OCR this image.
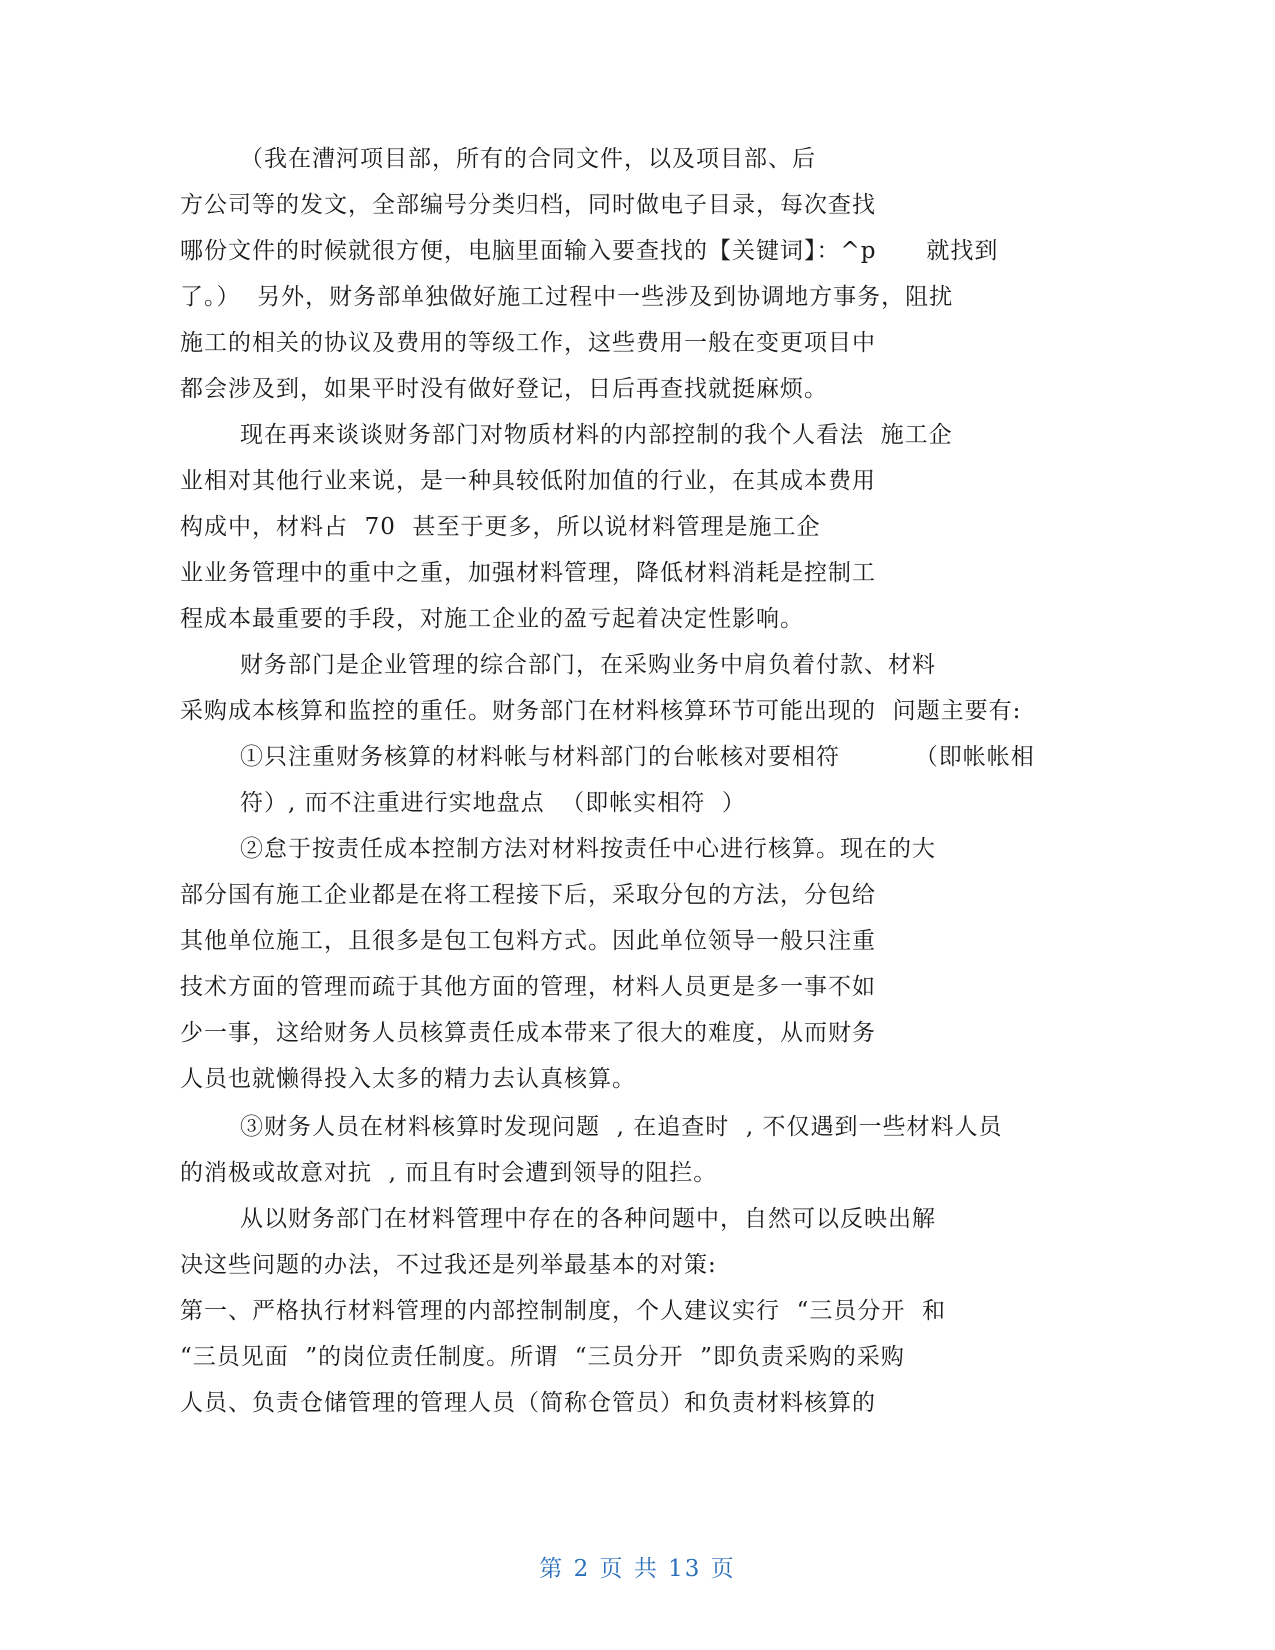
（我在漕河项目部，所有的合同文件，以及项目部、后
方公司等的发文，全部编号分类归档，同时做电子目录，每次查找
哪份文件的时候就很方便，电脑里面输入要查找的【关键词】：^p      就找到
了。）  另外，财务部单独做好施工过程中一些涉及到协调地方事务，阻扰
施工的相关的协议及费用的等级工作，这些费用一般在变更项目中
都会涉及到，如果平时没有做好登记，日后再查找就挺麻烦。
现在再来谈谈财务部门对物质材料的内部控制的我个人看法  施工企
业相对其他行业来说，是一种具较低附加值的行业，在其成本费用
构成中，材料占  70  甚至于更多，所以说材料管理是施工企
业业务管理中的重中之重，加强材料管理，降低材料消耗是控制工
程成本最重要的手段，对施工企业的盈亏起着决定性影响。
财务部门是企业管理的综合部门，在采购业务中肩负着付款、材料
采购成本核算和监控的重任。财务部门在材料核算环节可能出现的  问题主要有:
①只注重财务核算的材料帐与材料部门的台帐核对要相符         （即帐帐相
符）, 而不注重进行实地盘点  （即帐实相符  ）
②怠于按责任成本控制方法对材料按责任中心进行核算。现在的大
部分国有施工企业都是在将工程接下后，采取分包的方法，分包给
其他单位施工，且很多是包工包料方式。因此单位领导一般只注重
技术方面的管理而疏于其他方面的管理，材料人员更是多一事不如
少一事，这给财务人员核算责任成本带来了很大的难度，从而财务
人员也就懒得投入太多的精力去认真核算。
③财务人员在材料核算时发现问题  , 在追查时  , 不仅遇到一些材料人员
的消极或故意对抗  , 而且有时会遭到领导的阻拦。
从以财务部门在材料管理中存在的各种问题中，自然可以反映出解
决这些问题的办法，不过我还是列举最基本的对策:
第一、严格执行材料管理的内部控制制度，个人建议实行  “三员分开  和
“三员见面  ”的岗位责任制度。所谓  “三员分开  ”即负责采购的采购
人员、负责仓储管理的管理人员（简称仓管员）和负责材料核算的
第 2 页 共 13 页
